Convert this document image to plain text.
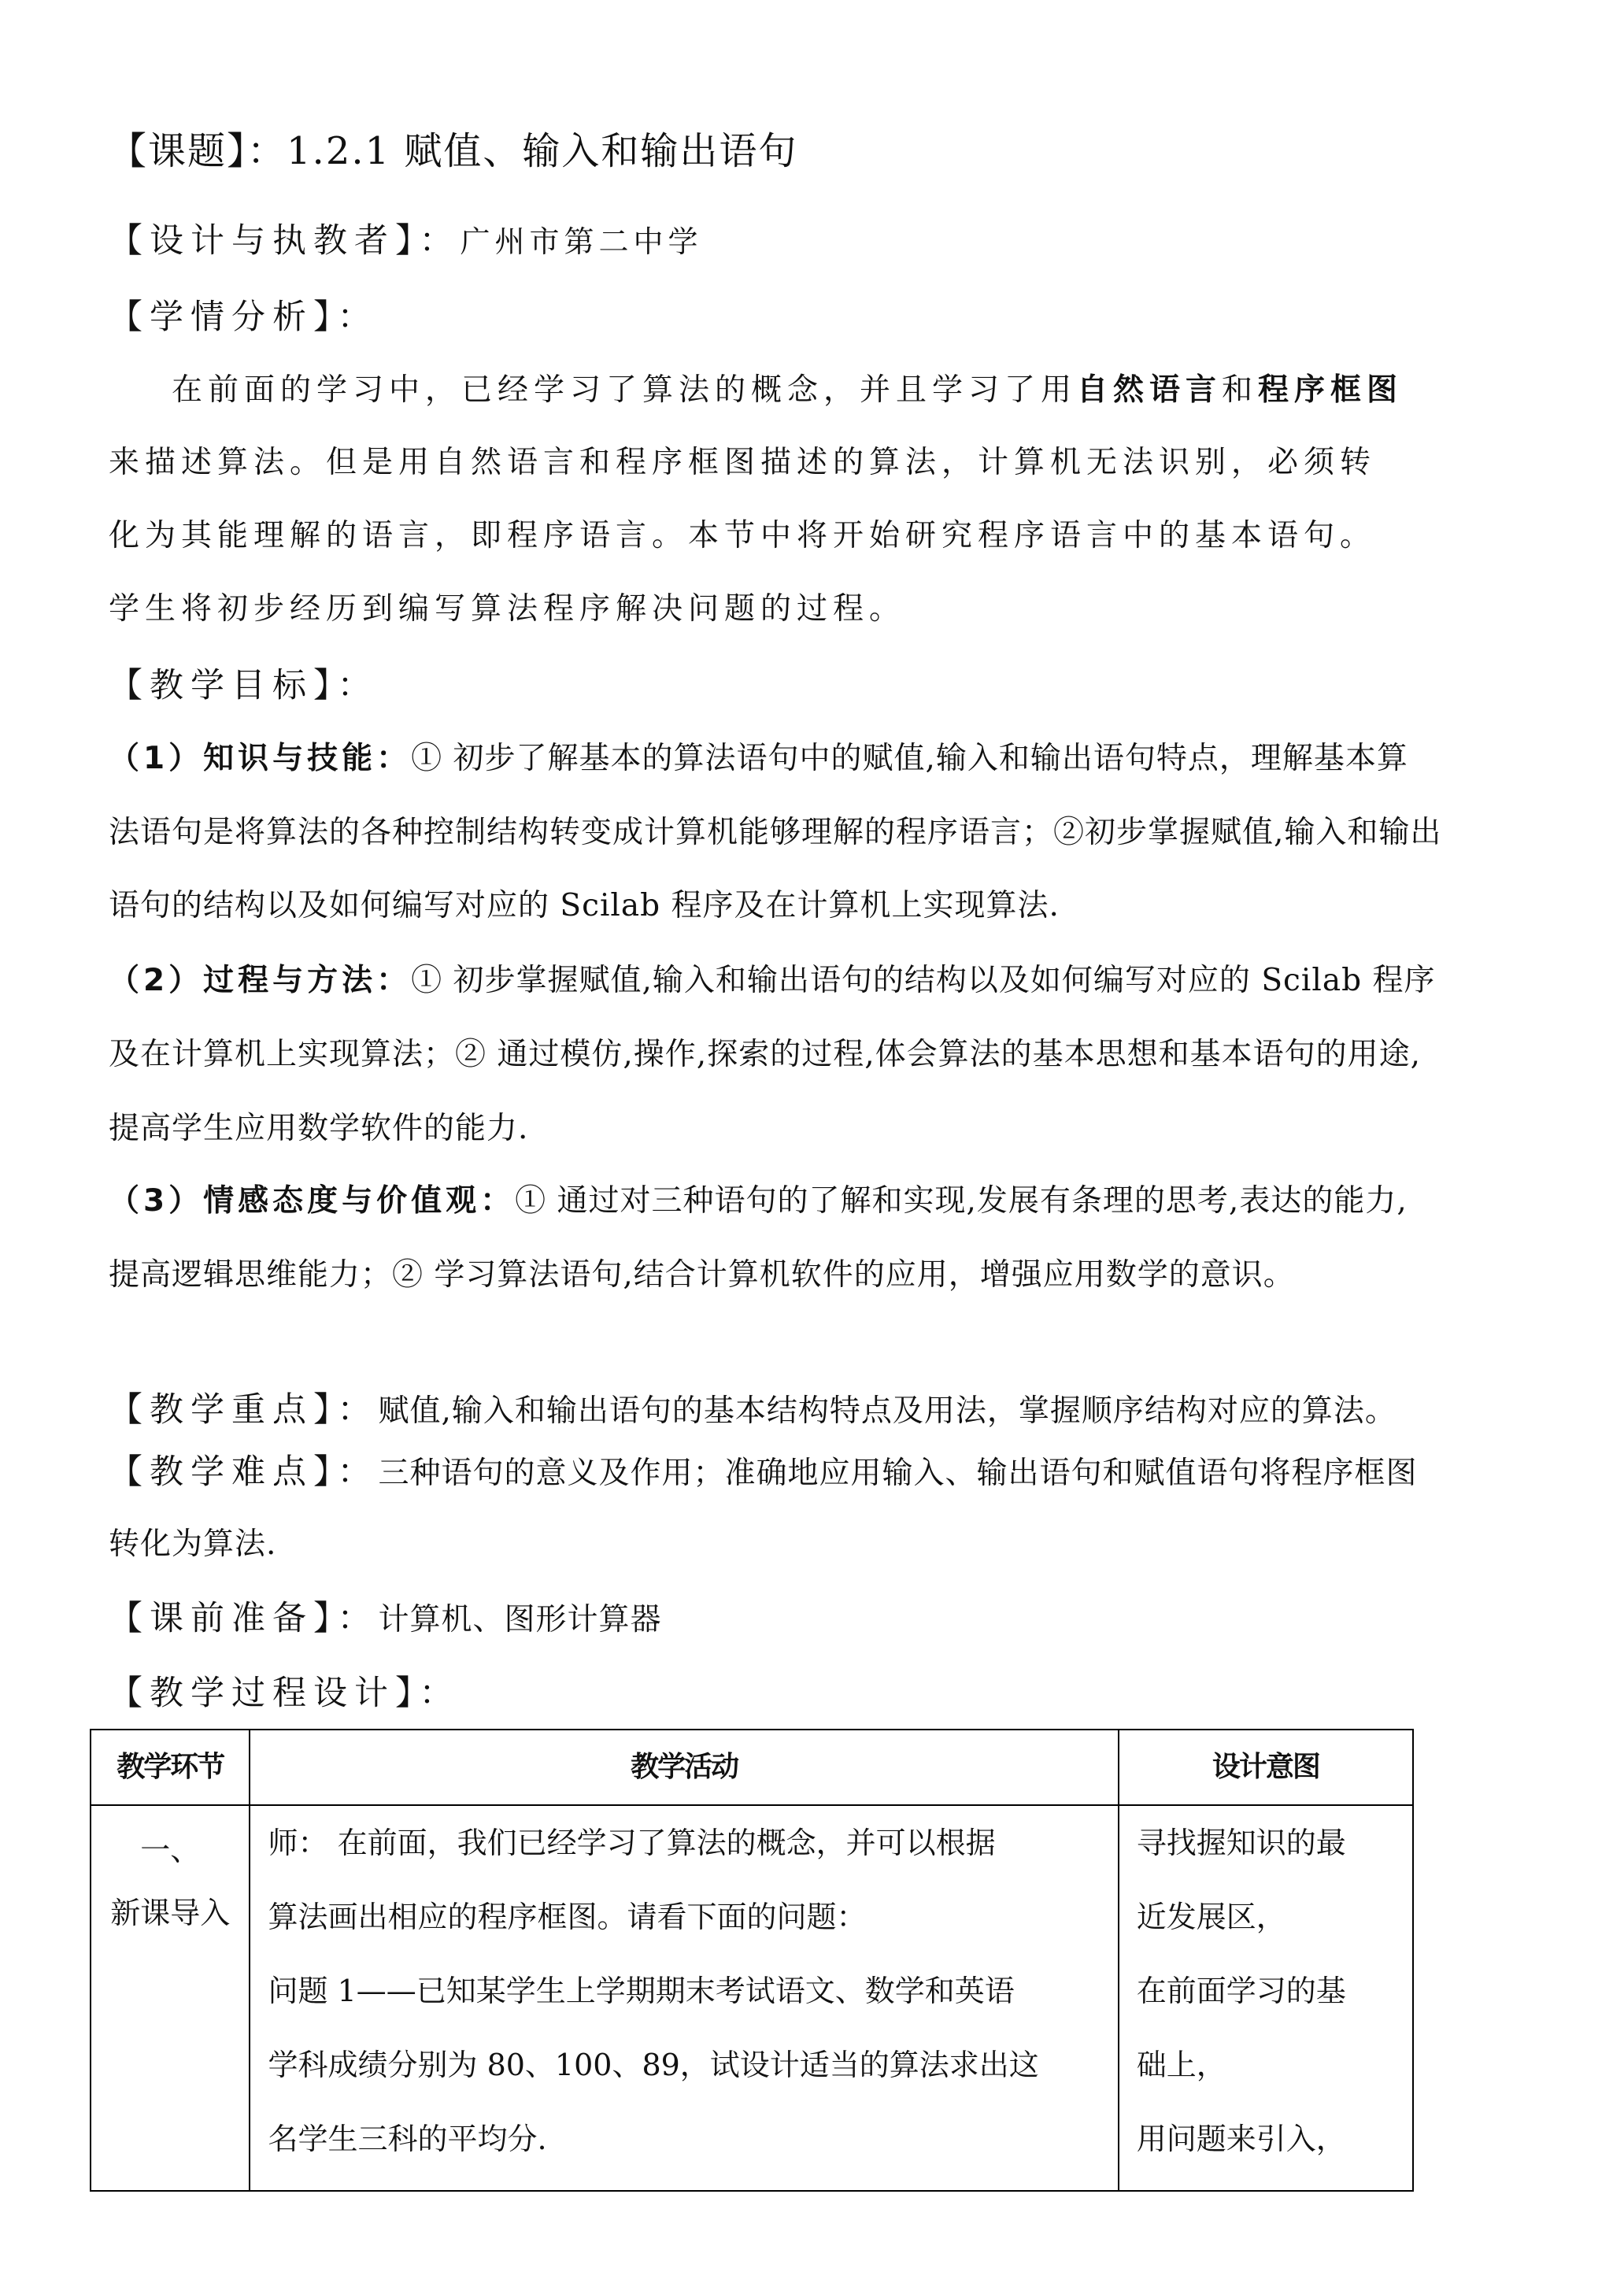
【课题】：1.2.1 赋值、输入和输出语句
【设计与执教者】：广州市第二中学
【学情分析】：
在前面的学习中，已经学习了算法的概念，并且学习了用自然语言和程序框图
来描述算法。但是用自然语言和程序框图描述的算法，计算机无法识别，必须转
化为其能理解的语言，即程序语言。本节中将开始研究程序语言中的基本语句。
学生将初步经历到编写算法程序解决问题的过程。
【教学目标】：
（1）知识与技能：① 初步了解基本的算法语句中的赋值,输入和输出语句特点，理解基本算
法语句是将算法的各种控制结构转变成计算机能够理解的程序语言；②初步掌握赋值,输入和输出
语句的结构以及如何编写对应的 Scilab 程序及在计算机上实现算法.
（2）过程与方法：① 初步掌握赋值,输入和输出语句的结构以及如何编写对应的 Scilab 程序
及在计算机上实现算法；② 通过模仿,操作,探索的过程,体会算法的基本思想和基本语句的用途,
提高学生应用数学软件的能力.
（3）情感态度与价值观：① 通过对三种语句的了解和实现,发展有条理的思考,表达的能力,
提高逻辑思维能力；② 学习算法语句,结合计算机软件的应用，增强应用数学的意识。
【教学重点】：赋值,输入和输出语句的基本结构特点及用法，掌握顺序结构对应的算法。
【教学难点】：三种语句的意义及作用；准确地应用输入、输出语句和赋值语句将程序框图
转化为算法.
【课前准备】：计算机、图形计算器
【教学过程设计】：
教学环节	教学活动	设计意图

一、
新课导入	师： 在前面，我们已经学习了算法的概念，并可以根据
算法画出相应的程序框图。请看下面的问题：
问题 1——已知某学生上学期期末考试语文、数学和英语
学科成绩分别为 80、100、89，试设计适当的算法求出这
名学生三科的平均分.	寻找握知识的最
近发展区，
在前面学习的基
础上，
用问题来引入，
